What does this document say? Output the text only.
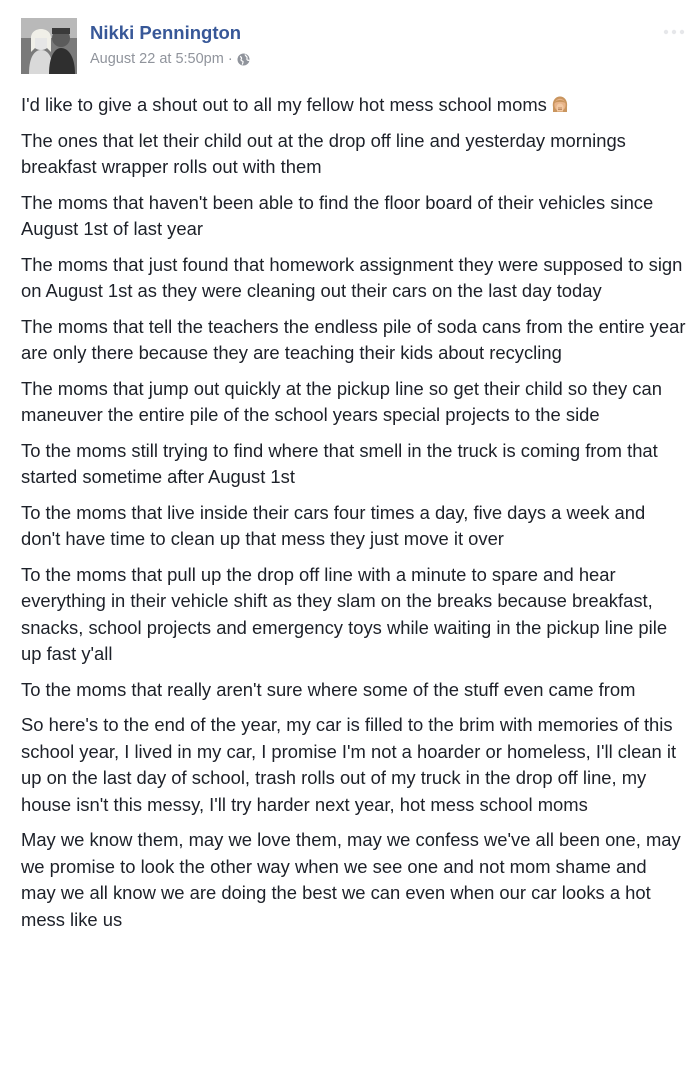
Nikki Pennington
August 22 at 5:50pm ·

I'd like to give a shout out to all my fellow hot mess school moms

The ones that let their child out at the drop off line and yesterday mornings breakfast wrapper rolls out with them

The moms that haven't been able to find the floor board of their vehicles since August 1st of last year

The moms that just found that homework assignment they were supposed to sign on August 1st as they were cleaning out their cars on the last day today

The moms that tell the teachers the endless pile of soda cans from the entire year are only there because they are teaching their kids about recycling

The moms that jump out quickly at the pickup line so get their child so they can maneuver the entire pile of the school years special projects to the side

To the moms still trying to find where that smell in the truck is coming from that started sometime after August 1st

To the moms that live inside their cars four times a day, five days a week and don't have time to clean up that mess they just move it over

To the moms that pull up the drop off line with a minute to spare and hear everything in their vehicle shift as they slam on the breaks because breakfast, snacks, school projects and emergency toys while waiting in the pickup line pile up fast y'all

To the moms that really aren't sure where some of the stuff even came from

So here's to the end of the year, my car is filled to the brim with memories of this school year, I lived in my car, I promise I'm not a hoarder or homeless, I'll clean it up on the last day of school, trash rolls out of my truck in the drop off line, my house isn't this messy, I'll try harder next year, hot mess school moms

May we know them, may we love them, may we confess we've all been one, may we promise to look the other way when we see one and not mom shame and may we all know we are doing the best we can even when our car looks a hot mess like us
